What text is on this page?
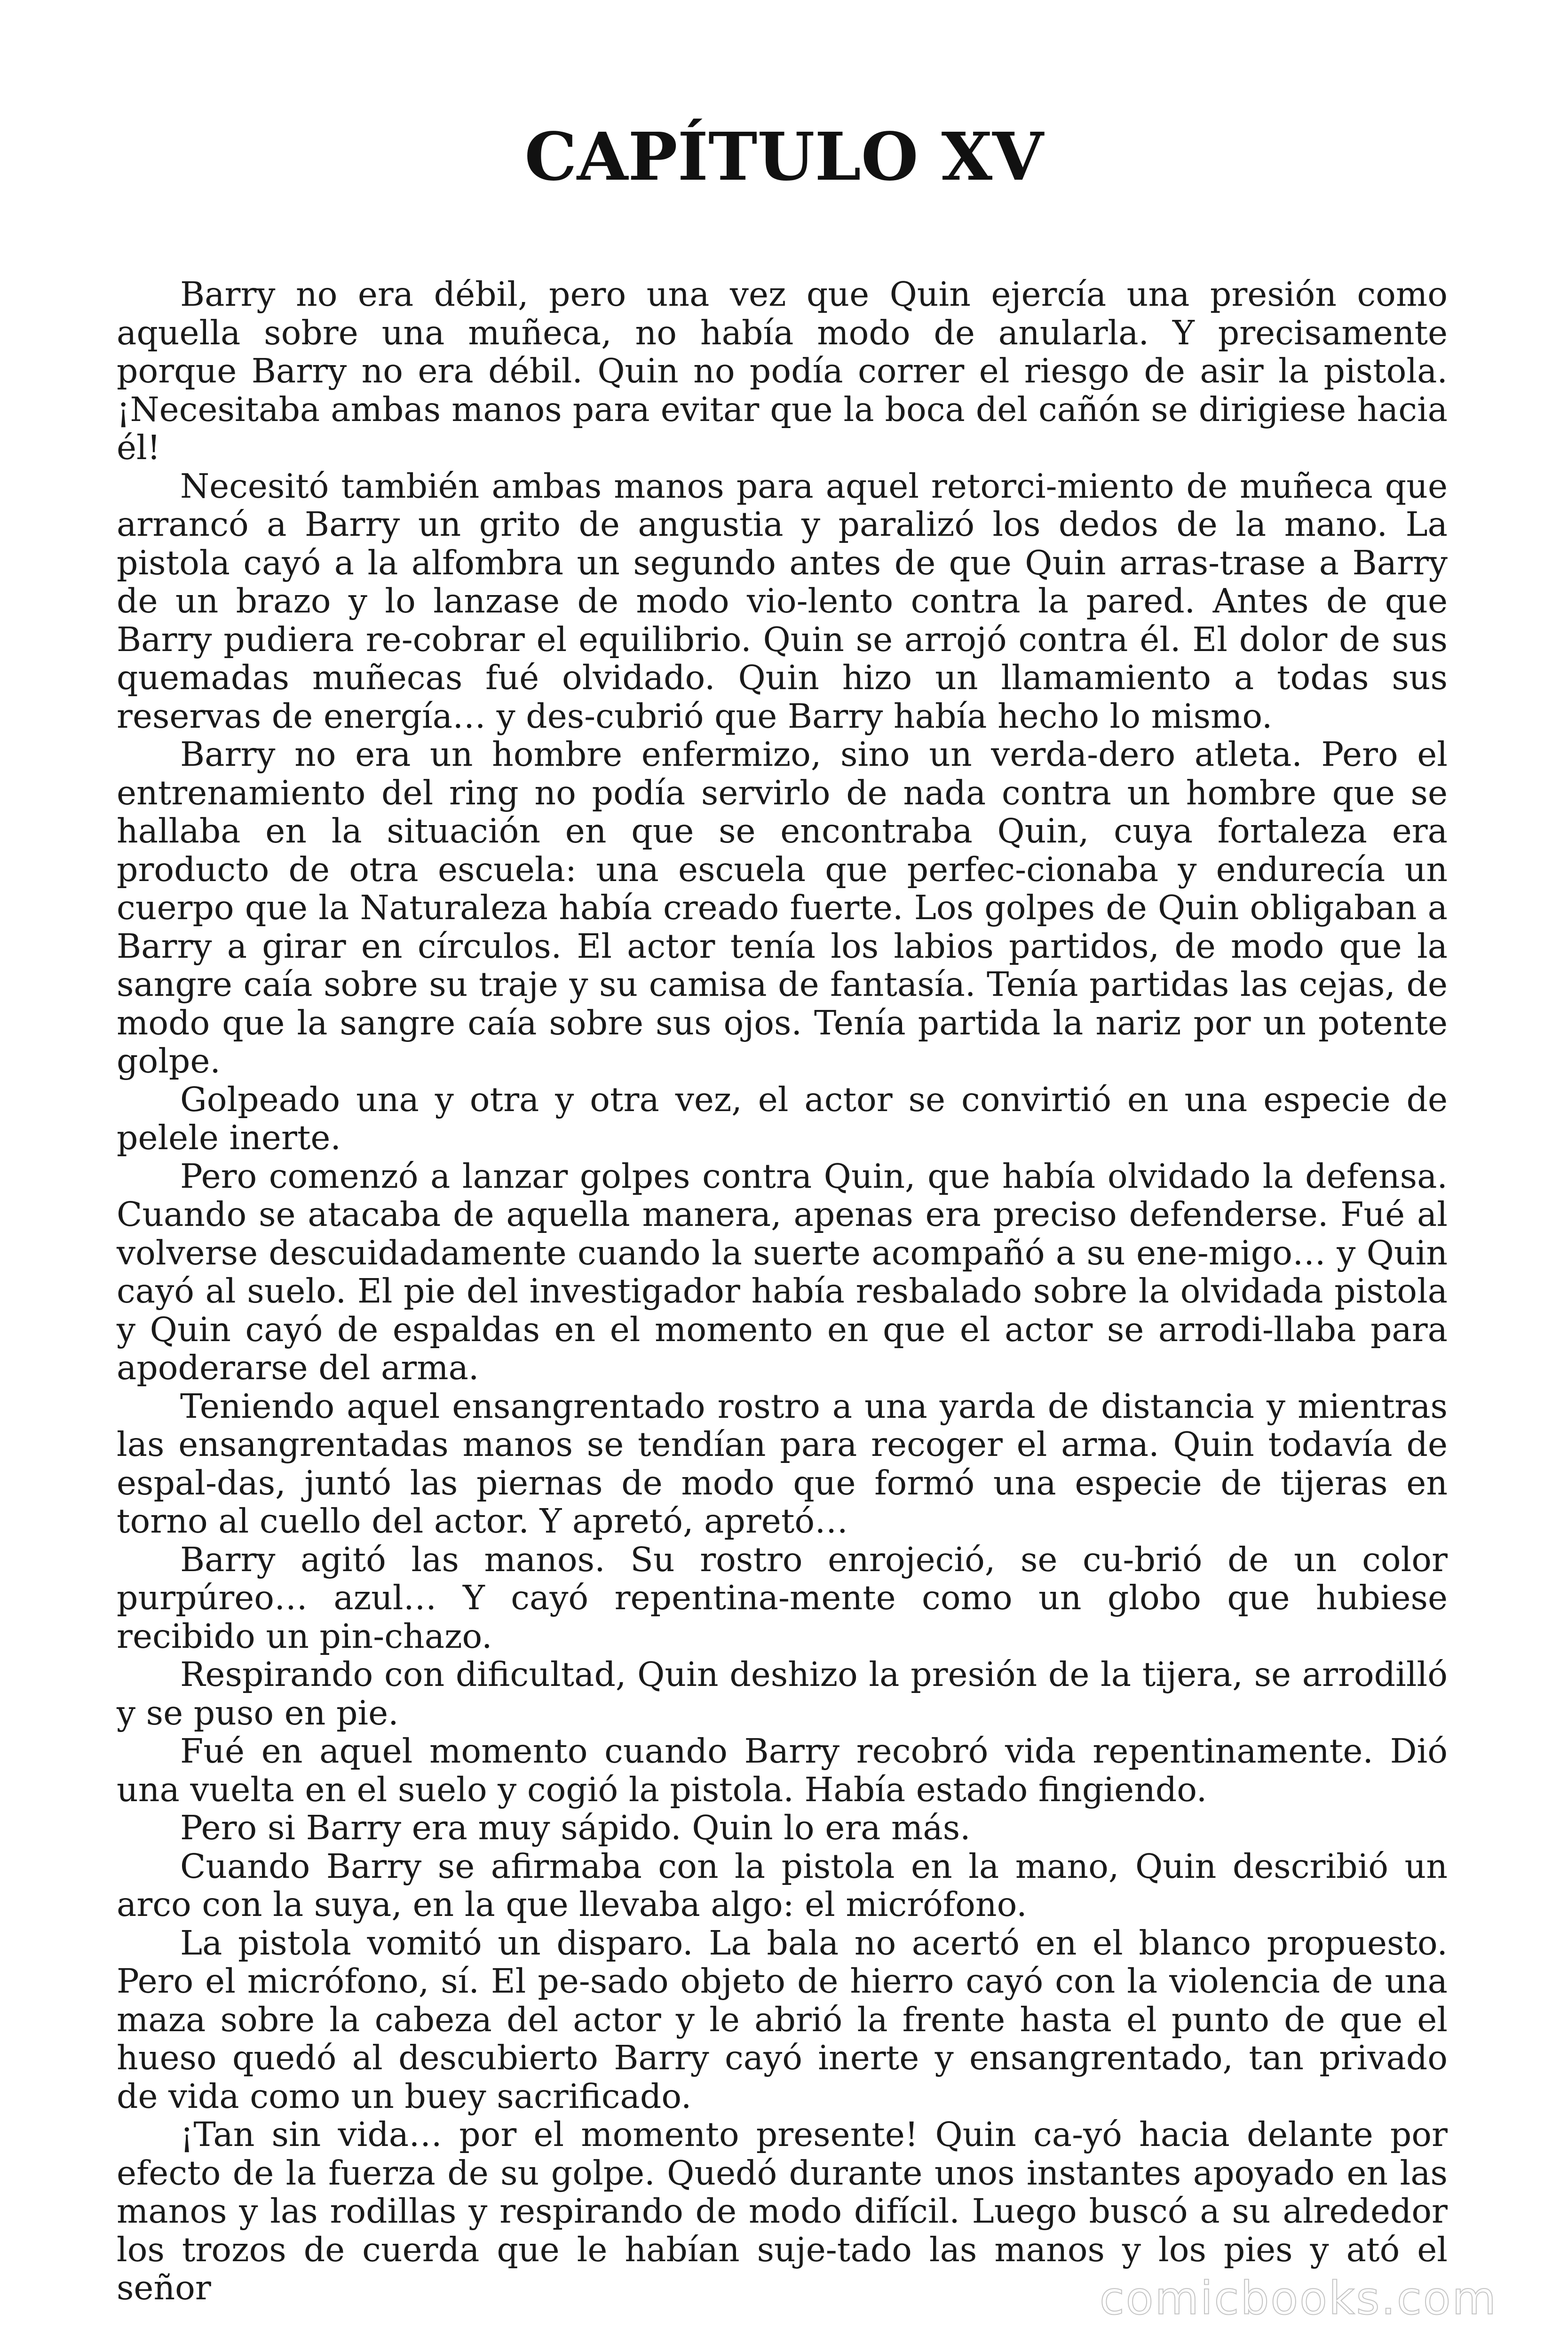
CAPÍTULO XV

Barry no era débil, pero una vez que Quin ejercía una presión como aquella sobre una muñeca, no había modo de anularla. Y precisamente porque Barry no era débil. Quin no podía correr el riesgo de asir la pistola. ¡Necesitaba ambas manos para evitar que la boca del cañón se dirigiese hacia él!

Necesitó también ambas manos para aquel retorci-miento de muñeca que arrancó a Barry un grito de angustia y paralizó los dedos de la mano. La pistola cayó a la alfombra un segundo antes de que Quin arras-trase a Barry de un brazo y lo lanzase de modo vio-lento contra la pared. Antes de que Barry pudiera re-cobrar el equilibrio. Quin se arrojó contra él. El dolor de sus quemadas muñecas fué olvidado. Quin hizo un llamamiento a todas sus reservas de energía… y des-cubrió que Barry había hecho lo mismo.

Barry no era un hombre enfermizo, sino un verda-dero atleta. Pero el entrenamiento del ring no podía servirlo de nada contra un hombre que se hallaba en la situación en que se encontraba Quin, cuya fortaleza era producto de otra escuela: una escuela que perfec-cionaba y endurecía un cuerpo que la Naturaleza había creado fuerte. Los golpes de Quin obligaban a Barry a girar en círculos. El actor tenía los labios partidos, de modo que la sangre caía sobre su traje y su camisa de fantasía. Tenía partidas las cejas, de modo que la sangre caía sobre sus ojos. Tenía partida la nariz por un potente golpe.

Golpeado una y otra y otra vez, el actor se convirtió en una especie de pelele inerte.

Pero comenzó a lanzar golpes contra Quin, que había olvidado la defensa. Cuando se atacaba de aquella manera, apenas era preciso defenderse. Fué al volverse descuidadamente cuando la suerte acompañó a su ene-migo… y Quin cayó al suelo. El pie del investigador había resbalado sobre la olvidada pistola y Quin cayó de espaldas en el momento en que el actor se arrodi-llaba para apoderarse del arma.

Teniendo aquel ensangrentado rostro a una yarda de distancia y mientras las ensangrentadas manos se tendían para recoger el arma. Quin todavía de espal-das, juntó las piernas de modo que formó una especie de tijeras en torno al cuello del actor. Y apretó, apretó…

Barry agitó las manos. Su rostro enrojeció, se cu-brió de un color purpúreo… azul… Y cayó repentina-mente como un globo que hubiese recibido un pin-chazo.

Respirando con dificultad, Quin deshizo la presión de la tijera, se arrodilló y se puso en pie.

Fué en aquel momento cuando Barry recobró vida repentinamente. Dió una vuelta en el suelo y cogió la pistola. Había estado fingiendo.

Pero si Barry era muy sápido. Quin lo era más.

Cuando Barry se afirmaba con la pistola en la mano, Quin describió un arco con la suya, en la que llevaba algo: el micrófono.

La pistola vomitó un disparo. La bala no acertó en el blanco propuesto. Pero el micrófono, sí. El pe-sado objeto de hierro cayó con la violencia de una maza sobre la cabeza del actor y le abrió la frente hasta el punto de que el hueso quedó al descubierto Barry cayó inerte y ensangrentado, tan privado de vida como un buey sacrificado.

¡Tan sin vida… por el momento presente! Quin ca-yó hacia delante por efecto de la fuerza de su golpe. Quedó durante unos instantes apoyado en las manos y las rodillas y respirando de modo difícil. Luego buscó a su alrededor los trozos de cuerda que le habían suje-tado las manos y los pies y ató el señor	comicbooks.com
